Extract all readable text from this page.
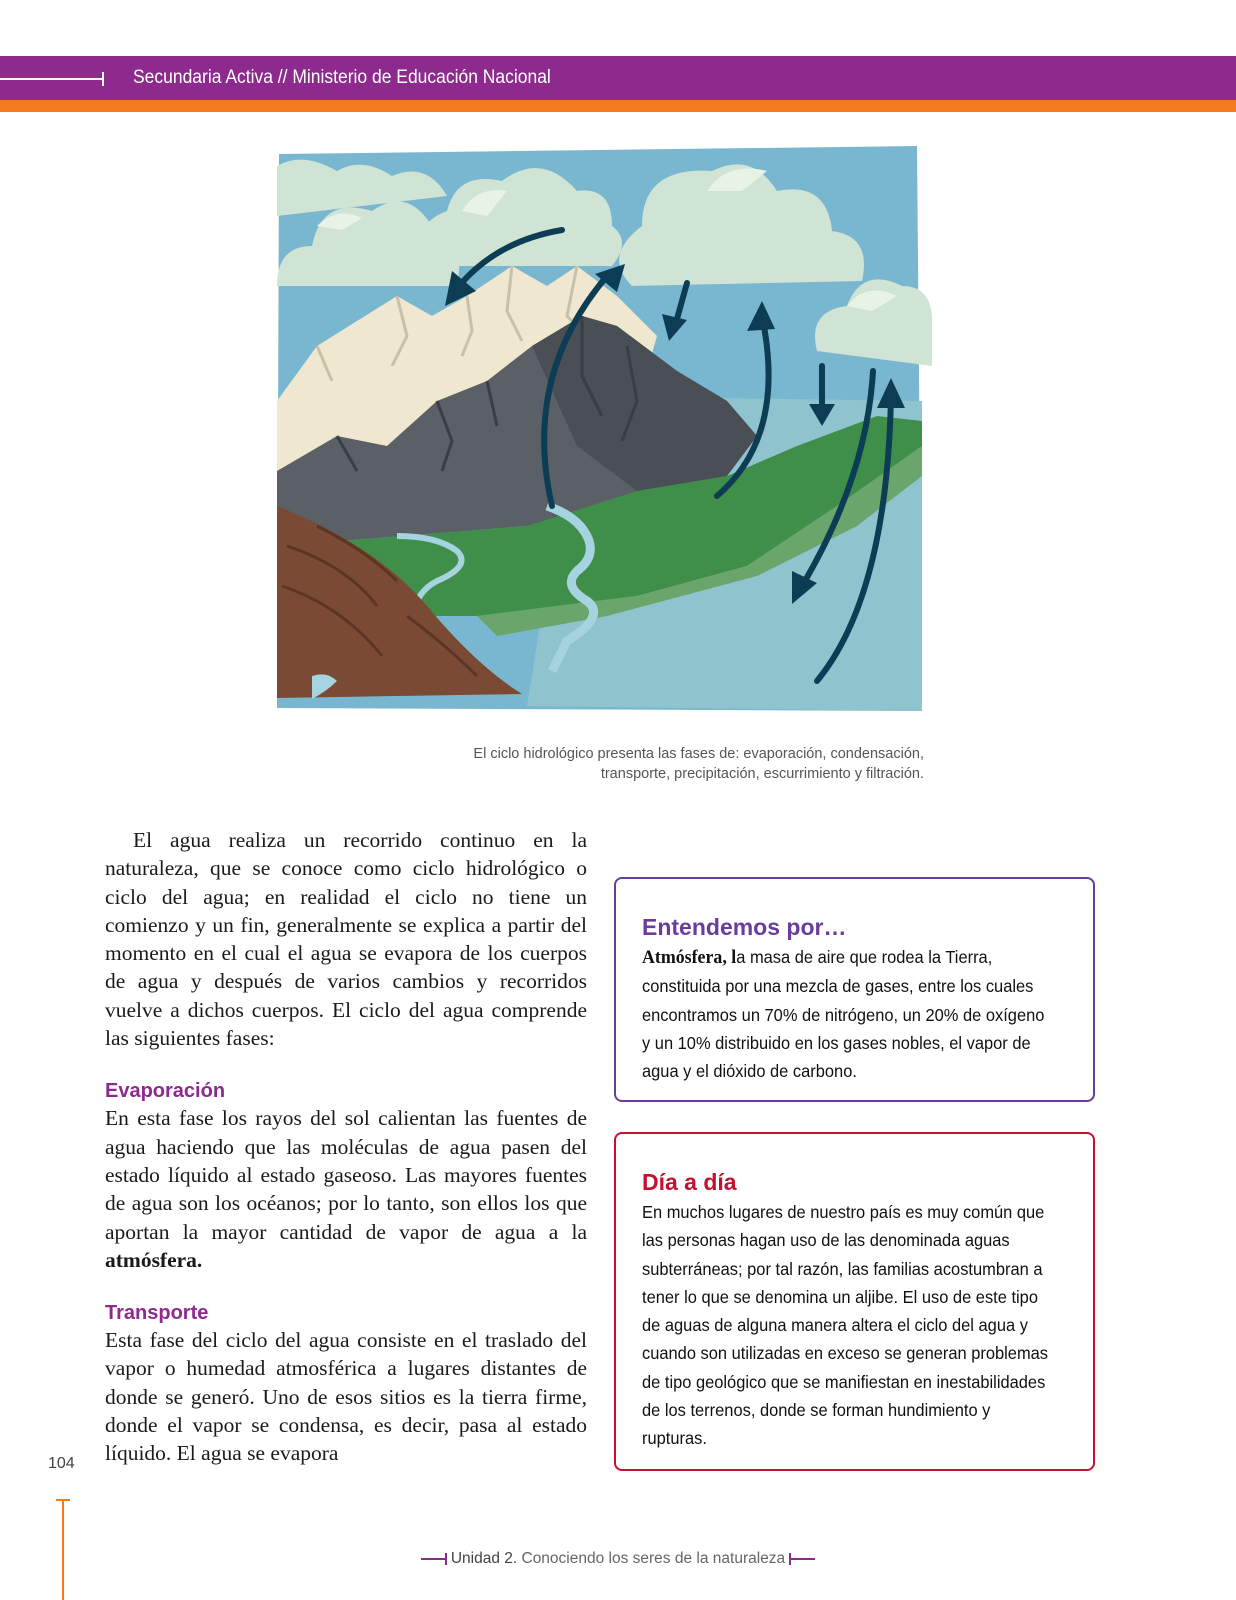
Secundaria Activa // Ministerio de Educación Nacional
El ciclo hidrológico presenta las fases de: evaporación, condensación,
transporte, precipitación, escurrimiento y filtración.

El agua realiza un recorrido continuo en la naturaleza, que se conoce como ciclo hidrológico o ciclo del agua; en realidad el ciclo no tiene un comienzo y un fin, generalmente se explica a partir del momento en el cual el agua se evapora de los cuerpos de agua y después de varios cambios y recorridos vuelve a dichos cuerpos. El ciclo del agua comprende las siguientes fases:

Evaporación

En esta fase los rayos del sol calientan las fuentes de agua haciendo que las moléculas de agua pasen del estado líquido al estado gaseoso. Las mayores fuentes de agua son los océanos; por lo tanto, son ellos los que aportan la mayor cantidad de vapor de agua a la atmósfera.

Transporte

Esta fase del ciclo del agua consiste en el traslado del vapor o humedad atmosférica a lugares distantes de donde se generó. Uno de esos sitios es la tierra firme, donde el vapor se condensa, es decir, pasa al estado líquido. El agua se evapora

Entendemos por…
Atmósfera, la masa de aire que rodea la Tierra, constituida por una mezcla de gases, entre los cuales encontramos un 70% de nitrógeno, un 20% de oxígeno y un 10% distribuido en los gases nobles, el vapor de agua y el dióxido de carbono.
Día a día
En muchos lugares de nuestro país es muy común que las personas hagan uso de las denominada aguas subterráneas; por tal razón, las familias acostumbran a tener lo que se denomina un aljibe. El uso de este tipo de aguas de alguna manera altera el ciclo del agua y cuando son utilizadas en exceso se generan problemas de tipo geológico que se manifiestan en inestabilidades de los terrenos, donde se forman hundimiento y rupturas.
104
Unidad 2. Conociendo los seres de la naturaleza
